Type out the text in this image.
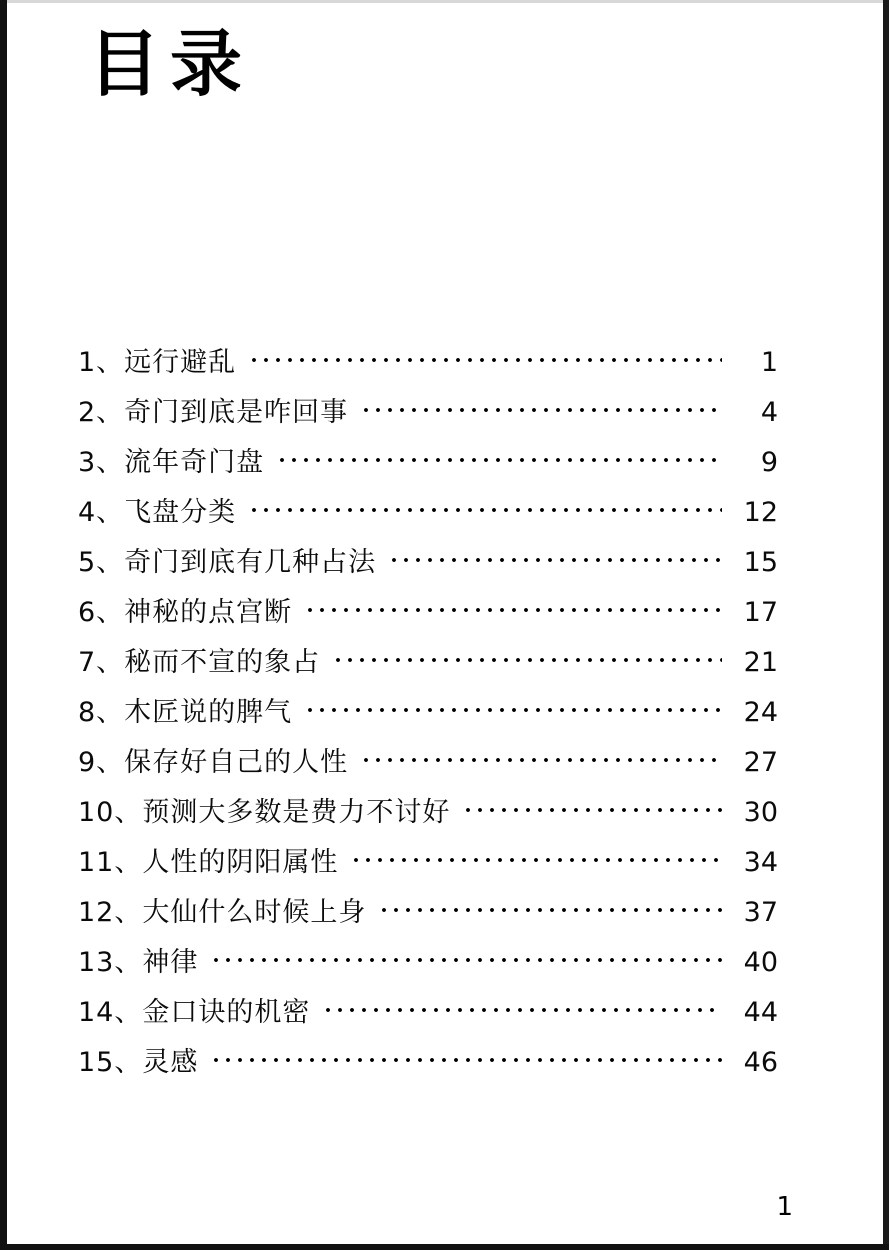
目录
1、远行避乱	1
2、奇门到底是咋回事	4
3、流年奇门盘	9
4、飞盘分类	12
5、奇门到底有几种占法	15
6、神秘的点宫断	17
7、秘而不宣的象占	21
8、木匠说的脾气	24
9、保存好自己的人性	27
10、预测大多数是费力不讨好	30
11、人性的阴阳属性	34
12、大仙什么时候上身	37
13、神律	40
14、金口诀的机密	44
15、灵感	46
1
